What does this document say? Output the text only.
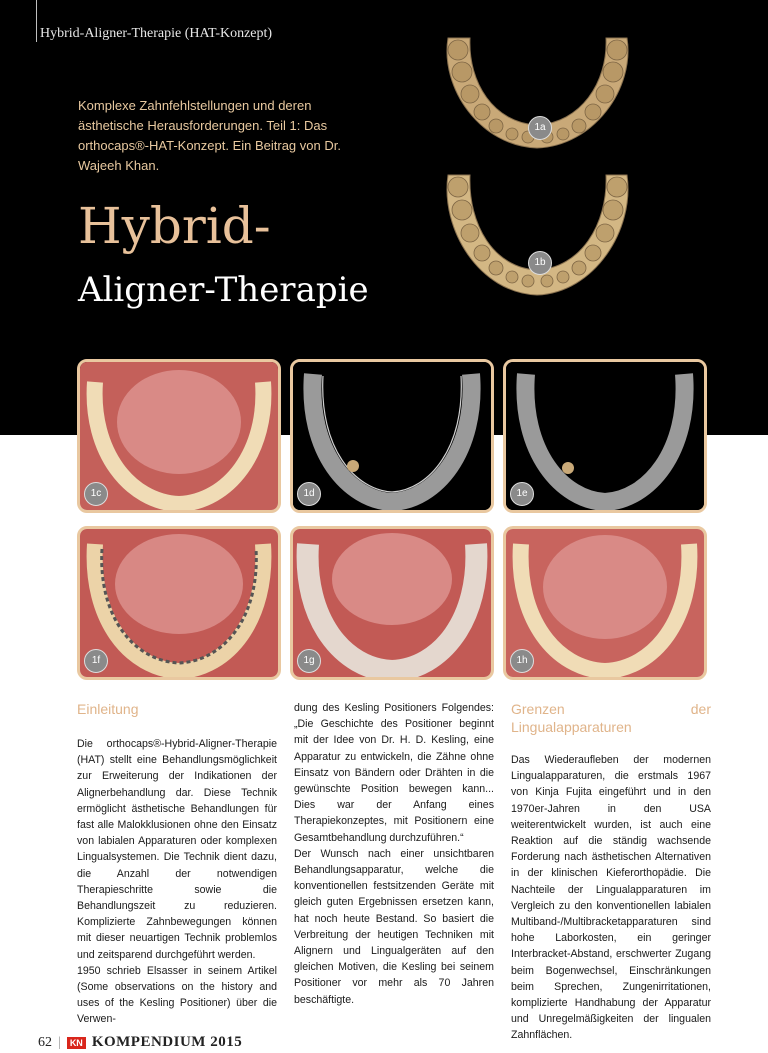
Hybrid-Aligner-Therapie (HAT-Konzept)
Komplexe Zahnfehlstellungen und deren ästhetische Herausforderungen. Teil 1: Das orthocaps®-HAT-Konzept. Ein Beitrag von Dr. Wajeeh Khan.
Hybrid-
Aligner-Therapie
1a
1b
1c	1d	1e
1f	1g	1h

Einleitung

Die orthocaps®-Hybrid-Aligner-Therapie (HAT) stellt eine Behandlungsmöglichkeit zur Erweiterung der Indikationen der Alignerbehandlung dar. Diese Technik ermöglicht ästhetische Behandlungen für fast alle Malokklusionen ohne den Einsatz von labialen Apparaturen oder komplexen Lingualsystemen. Die Technik dient dazu, die Anzahl der notwendigen Therapieschritte sowie die Behandlungszeit zu reduzieren. Komplizierte Zahnbewegungen können mit dieser neuartigen Technik problemlos und zeitsparend durchgeführt werden.

1950 schrieb Elsasser in seinem Artikel (Some observations on the history and uses of the Kesling Positioner) über die Verwen-

dung des Kesling Positioners Folgendes: „Die Geschichte des Positioner beginnt mit der Idee von Dr. H. D. Kesling, eine Apparatur zu entwickeln, die Zähne ohne Einsatz von Bändern oder Drähten in die gewünschte Position bewegen kann... Dies war der Anfang eines Therapiekonzeptes, mit Positionern eine Gesamtbehandlung durchzuführen.“

Der Wunsch nach einer unsichtbaren Behandlungsapparatur, welche die konventionellen festsitzenden Geräte mit gleich guten Ergebnissen ersetzen kann, hat noch heute Bestand. So basiert die Verbreitung der heutigen Techniken mit Alignern und Lingualgeräten auf den gleichen Motiven, die Kesling bei seinem Positioner vor mehr als 70 Jahren beschäftigte.

Grenzen der Lingualapparaturen

Das Wiederaufleben der modernen Lingualapparaturen, die erstmals 1967 von Kinja Fujita eingeführt und in den 1970er-Jahren in den USA weiterentwickelt wurden, ist auch eine Reaktion auf die ständig wachsende Forderung nach ästhetischen Alternativen in der klinischen Kieferorthopädie. Die Nachteile der Lingualapparaturen im Vergleich zu den konventionellen labialen Multiband-/Multibracketapparaturen sind hohe Laborkosten, ein geringer Interbracket-Abstand, erschwerter Zugang beim Bogenwechsel, Einschränkungen beim Sprechen, Zungenirritationen, komplizierte Handhabung der Apparatur und Unregelmäßigkeiten der lingualen Zahnflächen.

62 |	KN KOMPENDIUM 2015
